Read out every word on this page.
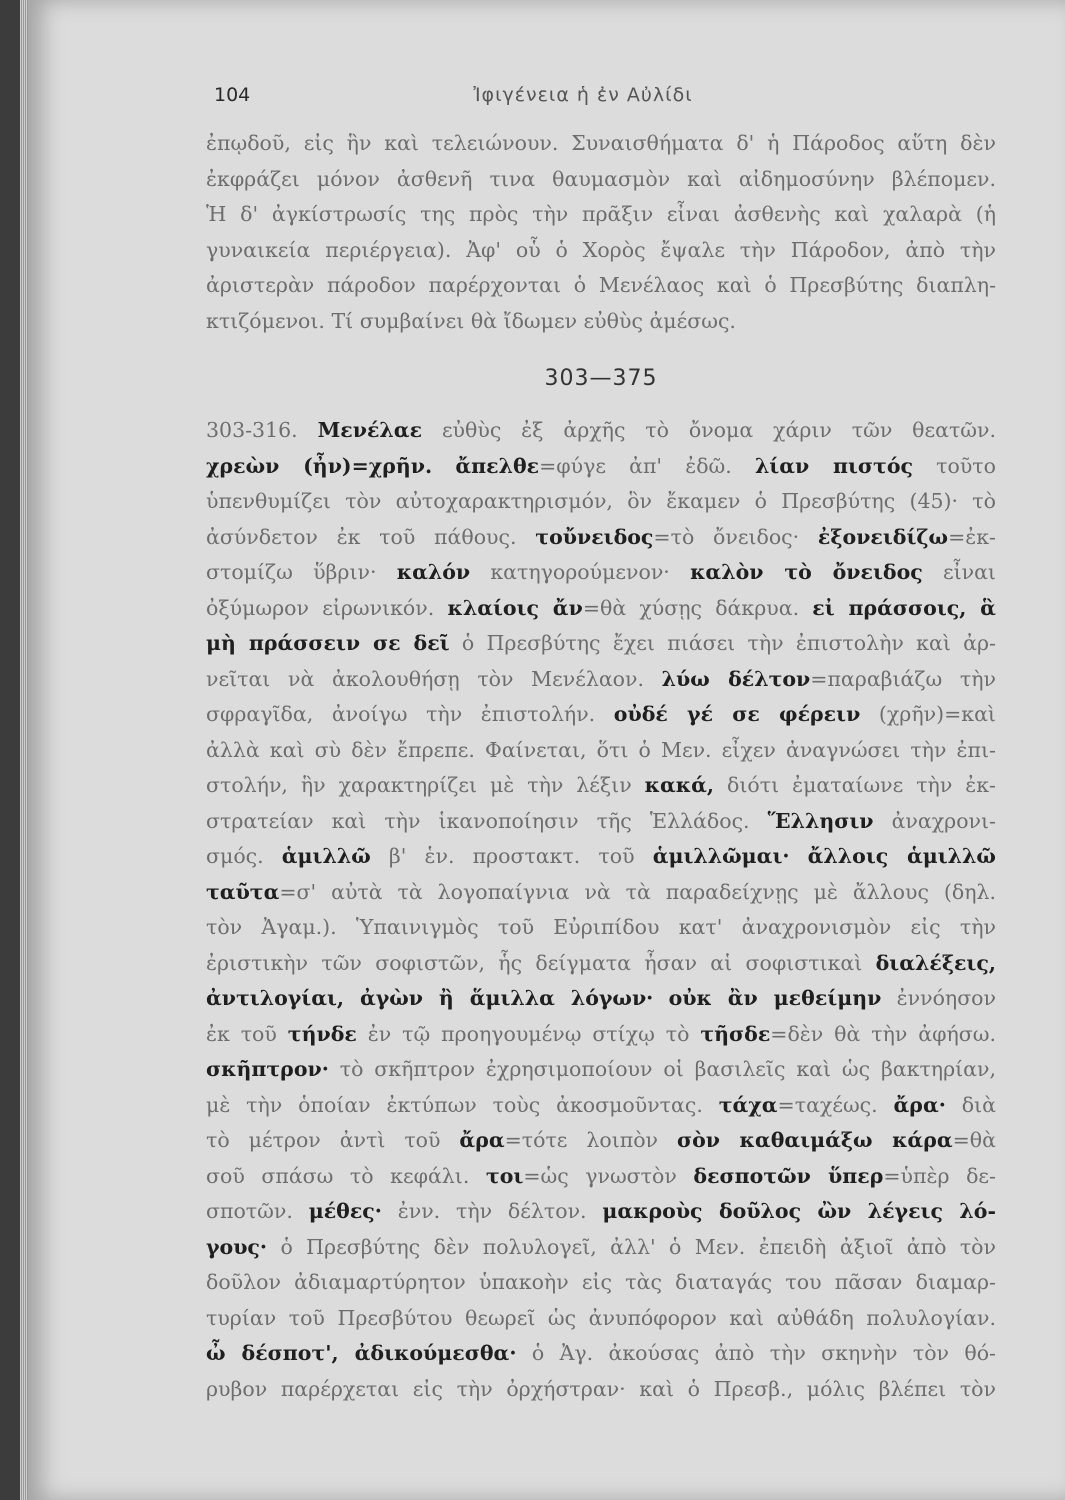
104	Ἰφιγένεια ἡ ἐν Αὐλίδι
ἐπῳδοῦ, εἰς ἣν καὶ τελειώνουν. Συναισθήματα δ' ἡ Πάροδος αὕτη δὲν
ἐκφράζει μόνον ἀσθενῆ τινα θαυμασμὸν καὶ αἰδημοσύνην βλέπομεν.
Ἡ δ' ἀγκίστρωσίς της πρὸς τὴν πρᾶξιν εἶναι ἀσθενὴς καὶ χαλαρὰ (ἡ
γυναικεία περιέργεια). Ἀφ' οὗ ὁ Χορὸς ἔψαλε τὴν Πάροδον, ἀπὸ τὴν
ἀριστερὰν πάροδον παρέρχονται ὁ Μενέλαος καὶ ὁ Πρεσβύτης διαπλη-
κτιζόμενοι. Τί συμβαίνει θὰ ἴδωμεν εὐθὺς ἀμέσως.
303—375
303-316. Μενέλαε εὐθὺς ἐξ ἀρχῆς τὸ ὄνομα χάριν τῶν θεατῶν.
χρεὼν (ἦν)=χρῆν. ἄπελθε=φύγε ἀπ' ἐδῶ. λίαν πιστός τοῦτο
ὑπενθυμίζει τὸν αὐτοχαρακτηρισμόν, ὃν ἔκαμεν ὁ Πρεσβύτης (45)· τὸ
ἀσύνδετον ἐκ τοῦ πάθους. τοὔνειδος=τὸ ὄνειδος· ἐξονειδίζω=ἐκ-
στομίζω ὕβριν· καλόν κατηγορούμενον· καλὸν τὸ ὄνειδος εἶναι
ὀξύμωρον εἰρωνικόν. κλαίοις ἄν=θὰ χύσῃς δάκρυα. εἰ πράσσοις, ἃ
μὴ πράσσειν σε δεῖ ὁ Πρεσβύτης ἔχει πιάσει τὴν ἐπιστολὴν καὶ ἀρ-
νεῖται νὰ ἀκολουθήσῃ τὸν Μενέλαον. λύω δέλτον=παραβιάζω τὴν
σφραγῖδα, ἀνοίγω τὴν ἐπιστολήν. οὐδέ γέ σε φέρειν (χρῆν)=καὶ
ἀλλὰ καὶ σὺ δὲν ἔπρεπε. Φαίνεται, ὅτι ὁ Μεν. εἶχεν ἀναγνώσει τὴν ἐπι-
στολήν, ἣν χαρακτηρίζει μὲ τὴν λέξιν κακά, διότι ἐματαίωνε τὴν ἐκ-
στρατείαν καὶ τὴν ἱκανοποίησιν τῆς Ἑλλάδος. Ἕλλησιν ἀναχρονι-
σμός. ἁμιλλῶ β' ἑν. προστακτ. τοῦ ἁμιλλῶμαι· ἄλλοις ἁμιλλῶ
ταῦτα=σ' αὐτὰ τὰ λογοπαίγνια νὰ τὰ παραδείχνῃς μὲ ἄλλους (δηλ.
τὸν Ἀγαμ.). Ὑπαινιγμὸς τοῦ Εὐριπίδου κατ' ἀναχρονισμὸν εἰς τὴν
ἐριστικὴν τῶν σοφιστῶν, ἧς δείγματα ἦσαν αἱ σοφιστικαὶ διαλέξεις,
ἀντιλογίαι, ἀγὼν ἢ ἅμιλλα λόγων· οὐκ ἂν μεθείμην ἐννόησον
ἐκ τοῦ τήνδε ἐν τῷ προηγουμένῳ στίχῳ τὸ τῆσδε=δὲν θὰ τὴν ἀφήσω.
σκῆπτρον· τὸ σκῆπτρον ἐχρησιμοποίουν οἱ βασιλεῖς καὶ ὡς βακτηρίαν,
μὲ τὴν ὁποίαν ἐκτύπων τοὺς ἀκοσμοῦντας. τάχα=ταχέως. ἄρα· διὰ
τὸ μέτρον ἀντὶ τοῦ ἄρα=τότε λοιπὸν σὸν καθαιμάξω κάρα=θὰ
σοῦ σπάσω τὸ κεφάλι. τοι=ὡς γνωστὸν δεσποτῶν ὕπερ=ὑπὲρ δε-
σποτῶν. μέθες· ἐνν. τὴν δέλτον. μακροὺς δοῦλος ὢν λέγεις λό-
γους· ὁ Πρεσβύτης δὲν πολυλογεῖ, ἀλλ' ὁ Μεν. ἐπειδὴ ἀξιοῖ ἀπὸ τὸν
δοῦλον ἀδιαμαρτύρητον ὑπακοὴν εἰς τὰς διαταγάς του πᾶσαν διαμαρ-
τυρίαν τοῦ Πρεσβύτου θεωρεῖ ὡς ἀνυπόφορον καὶ αὐθάδη πολυλογίαν.
ὦ δέσποτ', ἀδικούμεσθα· ὁ Ἀγ. ἀκούσας ἀπὸ τὴν σκηνὴν τὸν θό-
ρυβον παρέρχεται εἰς τὴν ὀρχήστραν· καὶ ὁ Πρεσβ., μόλις βλέπει τὸν
